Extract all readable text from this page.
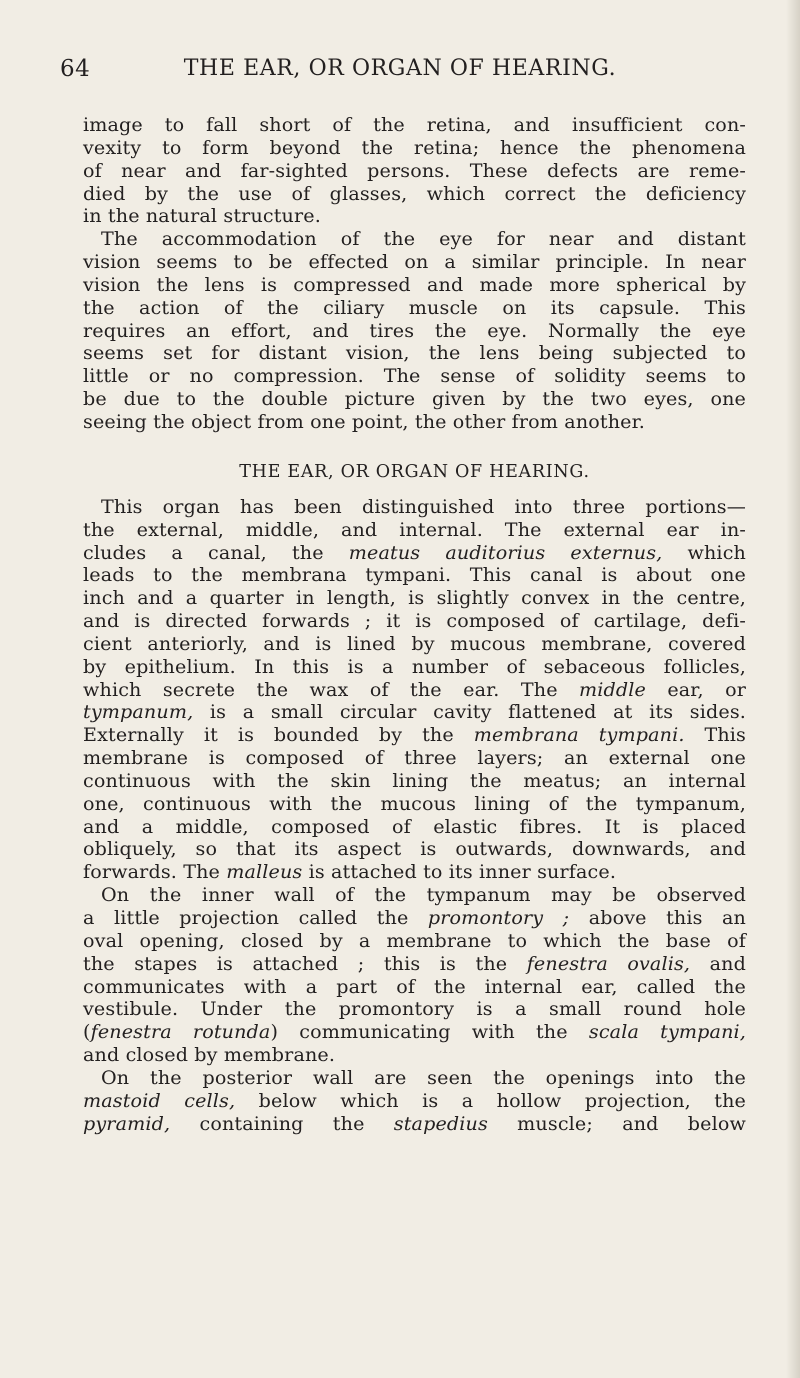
64	THE EAR, OR ORGAN OF HEARING.
image to fall short of the retina, and insufficient con-
vexity to form beyond the retina; hence the phenomena
of near and far-sighted persons. These defects are reme-
died by the use of glasses, which correct the deficiency
in the natural structure.
The accommodation of the eye for near and distant
vision seems to be effected on a similar principle. In near
vision the lens is compressed and made more spherical by
the action of the ciliary muscle on its capsule. This
requires an effort, and tires the eye. Normally the eye
seems set for distant vision, the lens being subjected to
little or no compression. The sense of solidity seems to
be due to the double picture given by the two eyes, one
seeing the object from one point, the other from another.
THE EAR, OR ORGAN OF HEARING.
This organ has been distinguished into three portions—
the external, middle, and internal. The external ear in-
cludes a canal, the meatus auditorius externus, which
leads to the membrana tympani. This canal is about one
inch and a quarter in length, is slightly convex in the centre,
and is directed forwards ; it is composed of cartilage, defi-
cient anteriorly, and is lined by mucous membrane, covered
by epithelium. In this is a number of sebaceous follicles,
which secrete the wax of the ear. The middle ear, or
tympanum, is a small circular cavity flattened at its sides.
Externally it is bounded by the membrana tympani. This
membrane is composed of three layers; an external one
continuous with the skin lining the meatus; an internal
one, continuous with the mucous lining of the tympanum,
and a middle, composed of elastic fibres. It is placed
obliquely, so that its aspect is outwards, downwards, and
forwards. The malleus is attached to its inner surface.
On the inner wall of the tympanum may be observed
a little projection called the promontory ; above this an
oval opening, closed by a membrane to which the base of
the stapes is attached ; this is the fenestra ovalis, and
communicates with a part of the internal ear, called the
vestibule. Under the promontory is a small round hole
(fenestra rotunda) communicating with the scala tympani,
and closed by membrane.
On the posterior wall are seen the openings into the
mastoid cells, below which is a hollow projection, the
pyramid, containing the stapedius muscle; and below
